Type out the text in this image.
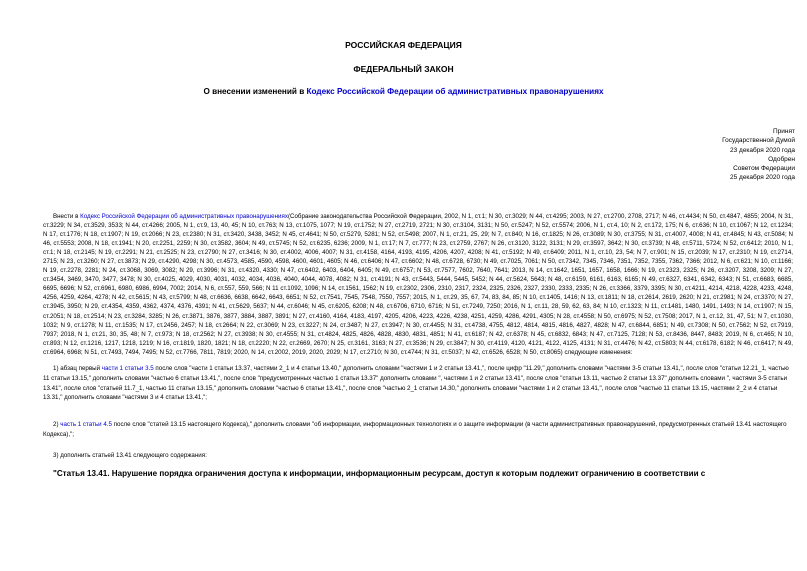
РОССИЙСКАЯ ФЕДЕРАЦИЯ
ФЕДЕРАЛЬНЫЙ ЗАКОН
О внесении изменений в Кодекс Российской Федерации об административных правонарушениях
Принят
Государственной Думой
23 декабря 2020 года
Одобрен
Советом Федерации
25 декабря 2020 года
Внести в Кодекс Российской Федерации об административных правонарушениях(Собрание законодательства Российской Федерации, 2002, N 1, ст.1; N 30, ст.3029; N 44, ст.4295; 2003, N 27, ст.2700, 2708, 2717; N 46, ст.4434; N 50, ст.4847, 4855; 2004, N 31, ст.3229; N 34, ст.3529, 3533; N 44, ст.4266; 2005, N 1, ст.9, 13, 40, 45; N 10, ст.763; N 13, ст.1075, 1077; N 19, ст.1752; N 27, ст.2719, 2721; N 30, ст.3104, 3131; N 50, ст.5247; N 52, ст.5574; 2006, N 1, ст.4, 10; N 2, ст.172, 175; N 6, ст.636; N 10, ст.1067; N 12, ст.1234; N 17, ст.1776; N 18, ст.1907; N 19, ст.2066; N 23, ст.2380; N 31, ст.3420, 3438, 3452; N 45, ст.4641; N 50, ст.5279, 5281; N 52, ст.5498; 2007, N 1, ст.21, 25, 29; N 7, ст.840; N 16, ст.1825; N 26, ст.3089; N 30, ст.3755; N 31, ст.4007, 4008; N 41, ст.4845; N 43, ст.5084; N 46, ст.5553; 2008, N 18, ст.1941; N 20, ст.2251, 2259; N 30, ст.3582, 3604; N 49, ст.5745; N 52, ст.6235, 6236; 2009, N 1, ст.17; N 7, ст.777; N 23, ст.2759, 2767; N 26, ст.3120, 3122, 3131; N 29, ст.3597, 3642; N 30, ст.3739; N 48, ст.5711, 5724; N 52, ст.6412; 2010, N 1, ст.1; N 18, ст.2145; N 19, ст.2291; N 21, ст.2525; N 23, ст.2790; N 27, ст.3416; N 30, ст.4002, 4006, 4007; N 31, ст.4158, 4164, 4193, 4195, 4206, 4207, 4208; N 41, ст.5192; N 49, ст.6409; 2011, N 1, ст.10, 23, 54; N 7, ст.901; N 15, ст.2039; N 17, ст.2310; N 19, ст.2714, 2715; N 23, ст.3260; N 27, ст.3873; N 29, ст.4290, 4298; N 30, ст.4573, 4585, 4590, 4598, 4600, 4601, 4605; N 46, ст.6406; N 47, ст.6602; N 48, ст.6728, 6730; N 49, ст.7025, 7061; N 50, ст.7342, 7345, 7346, 7351, 7352, 7355, 7362, 7366; 2012, N 6, ст.621; N 10, ст.1166; N 19, ст.2278, 2281; N 24, ст.3068, 3069, 3082; N 29, ст.3996; N 31, ст.4320, 4330; N 47, ст.6402, 6403, 6404, 6405; N 49, ст.6757; N 53, ст.7577, 7602, 7640, 7641; 2013, N 14, ст.1642, 1651, 1657, 1658, 1666; N 19, ст.2323, 2325; N 26, ст.3207, 3208, 3209; N 27, ст.3454, 3469, 3470, 3477, 3478; N 30, ст.4025, 4029, 4030, 4031, 4032, 4034, 4036, 4040, 4044, 4078, 4082; N 31, ст.4191; N 43, ст.5443, 5444, 5445, 5452; N 44, ст.5624, 5643; N 48, ст.6159, 6161, 6163, 6165; N 49, ст.6327, 6341, 6342, 6343; N 51, ст.6683, 6685, 6695, 6696; N 52, ст.6961, 6980, 6986, 6994, 7002; 2014, N 6, ст.557, 559, 566; N 11 ст.1092, 1096; N 14, ст.1561, 1562; N 19, ст.2302, 2306, 2310, 2317, 2324, 2325, 2326, 2327, 2330, 2333, 2335; N 26, ст.3366, 3379, 3395; N 30, ст.4211, 4214, 4218, 4228, 4233, 4248, 4256, 4259, 4264, 4278; N 42, ст.5615; N 43, ст.5799; N 48, ст.6636, 6638, 6642, 6643, 6651; N 52, ст.7541, 7545, 7548, 7550, 7557; 2015, N 1, ст.29, 35, 67, 74, 83, 84, 85; N 10, ст.1405, 1416; N 13, ст.1811; N 18, ст.2614, 2619, 2620; N 21, ст.2981; N 24, ст.3370; N 27, ст.3945, 3950; N 29, ст.4354, 4359, 4362, 4374, 4376, 4391; N 41, ст.5629, 5637; N 44, ст.6046; N 45, ст.6205, 6208; N 48, ст.6706, 6710, 6716; N 51, ст.7249, 7250; 2016, N 1, ст.11, 28, 59, 62, 63, 84; N 10, ст.1323; N 11, ст.1481, 1480, 1491, 1493; N 14, ст.1907; N 15, ст.2051; N 18, ст.2514; N 23, ст.3284, 3285; N 26, ст.3871, 3876, 3877, 3884, 3887, 3891; N 27, ст.4160, 4164, 4183, 4197, 4205, 4206, 4223, 4226, 4238, 4251, 4259, 4286, 4291, 4305; N 28, ст.4558; N 50, ст.6975; N 52, ст.7508; 2017, N 1, ст.12, 31, 47, 51; N 7, ст.1030, 1032; N 9, ст.1278; N 11, ст.1535; N 17, ст.2456, 2457; N 18, ст.2664; N 22, ст.3069; N 23, ст.3227; N 24, ст.3487; N 27, ст.3947; N 30, ст.4455; N 31, ст.4738, 4755, 4812, 4814, 4815, 4816, 4827, 4828; N 47, ст.6844, 6851; N 49, ст.7308; N 50, ст.7562; N 52, ст.7919, 7937; 2018, N 1, ст.21, 30, 35, 48; N 7, ст.973; N 18, ст.2562; N 27, ст.3938; N 30, ст.4555; N 31, ст.4824, 4825, 4826, 4828, 4830, 4831, 4851; N 41, ст.6187; N 42, ст.6378; N 45, ст.6832, 6843; N 47, ст.7125, 7128; N 53, ст.8436, 8447, 8483; 2019, N 6, ст.465; N 10, ст.893; N 12, ст.1216, 1217, 1218, 1219; N 16, ст.1819, 1820, 1821; N 18, ст.2220; N 22, ст.2669, 2670; N 25, ст.3161, 3163; N 27, ст.3536; N 29, ст.3847; N 30, ст.4119, 4120, 4121, 4122, 4125, 4131; N 31, ст.4476; N 42, ст.5803; N 44, ст.6178, 6182; N 46, ст.6417; N 49, ст.6964, 6968; N 51, ст.7493, 7494, 7495; N 52, ст.7766, 7811, 7819; 2020, N 14, ст.2002, 2019, 2020, 2029; N 17, ст.2710; N 30, ст.4744; N 31, ст.5037; N 42, ст.6526, 6528; N 50, ст.8065) следующие изменения:
1) абзац первый части 1 статьи 3.5 после слов "части 1 статьи 13.37, частями 2_1 и 4 статьи 13.40," дополнить словами "частями 1 и 2 статьи 13.41,", после цифр "11.29," дополнить словами "частями 3-5 статьи 13.41,", после слов "статьи 12.21_1, частью 11 статьи 13.15," дополнить словами "частью 6 статьи 13.41,", после слов "предусмотренных частью 1 статьи 13.37" дополнить словами ", частями 1 и 2 статьи 13.41", после слов "статьи 13.11, частью 2 статьи 13.37" дополнить словами ", частями 3-5 статьи 13.41", после слов "статьей 11.7_1, частью 11 статьи 13.15," дополнить словами "частью 6 статьи 13.41,", после слов "частью 2_1 статьи 14.30," дополнить словами "частями 1 и 2 статьи 13.41,", после слов "частью 11 статьи 13.15, частями 2_2 и 4 статьи 13.31," дополнить словами "частями 3 и 4 статьи 13.41,";
2) часть 1 статьи 4.5 после слов "статей 13.15 настоящего Кодекса)," дополнить словами "об информации, информационных технологиях и о защите информации (в части административных правонарушений, предусмотренных статьей 13.41 настоящего Кодекса),";
3) дополнить статьей 13.41 следующего содержания:
"Статья 13.41. Нарушение порядка ограничения доступа к информации, информационным ресурсам, доступ к которым подлежит ограничению в соответствии с
